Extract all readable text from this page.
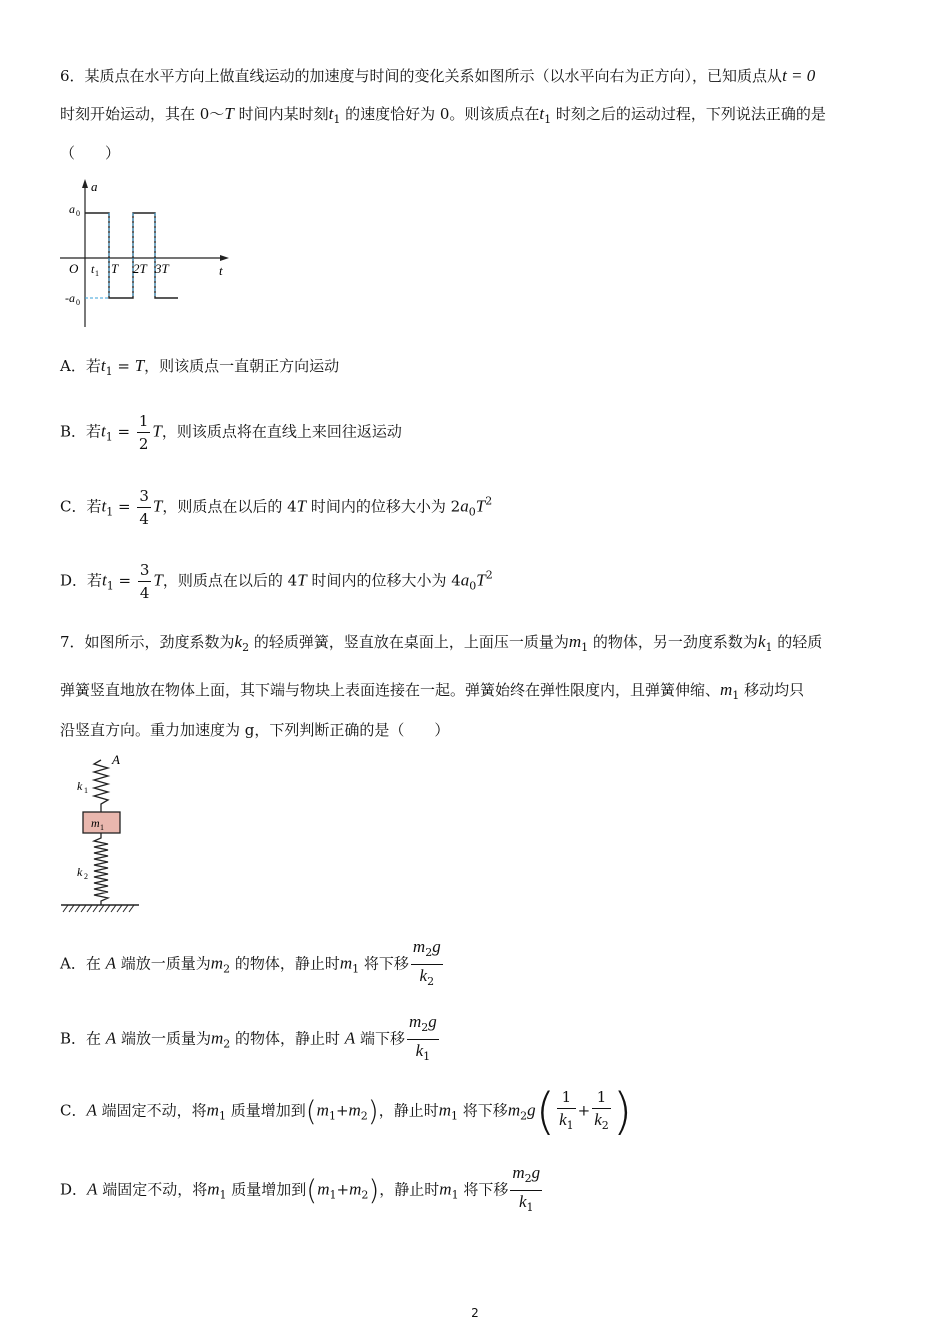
6．某质点在水平方向上做直线运动的加速度与时间的变化关系如图所示（以水平向右为正方向），已知质点从t = 0
时刻开始运动，其在 0～T 时间内某时刻$t_1$ 的速度恰好为 0。则该质点在$t_1$ 时刻之后的运动过程，下列说法正确的是
（　　）
a
t
a 0
-a 0
O t 1 T 2T 3T
A．若$t_1 = T$，则该质点一直朝正方向运动
B．若$t_1 = \frac{1}{2}$ T，则该质点将在直线上来回往返运动
C．若$t_1 = \frac{3}{4}$ T，则质点在以后的 4T 时间内的位移大小为 $2a_0T^2$
D．若$t_1 = \frac{3}{4}$ T，则质点在以后的 4T 时间内的位移大小为 $4a_0T^2$
7．如图所示，劲度系数为$k_2$ 的轻质弹簧，竖直放在桌面上，上面压一质量为$m_1$ 的物体，另一劲度系数为$k_1$ 的轻质
弹簧竖直地放在物体上面，其下端与物块上表面连接在一起。弹簧始终在弹性限度内，且弹簧伸缩、$m_1$ 移动均只
沿竖直方向。重力加速度为 g，下列判断正确的是（　　）
A
k 1
m 1
k 2
A．在 A 端放一质量为$m_2$ 的物体，静止时$m_1$ 将下移 $\frac{m_2g}{k_2}$
B．在 A 端放一质量为$m_2$ 的物体，静止时 A 端下移 $\frac{m_2g}{k_1}$
C．A 端固定不动，将$m_1$ 质量增加到$(m_1+m_2)$，静止时$m_1$ 将下移$m_2g( \frac{1}{k_1} + \frac{1}{k_2}$ )
D．A 端固定不动，将$m_1$ 质量增加到$(m_1+m_2)$，静止时$m_1$ 将下移 $\frac{m_2g}{k_1}$
2
